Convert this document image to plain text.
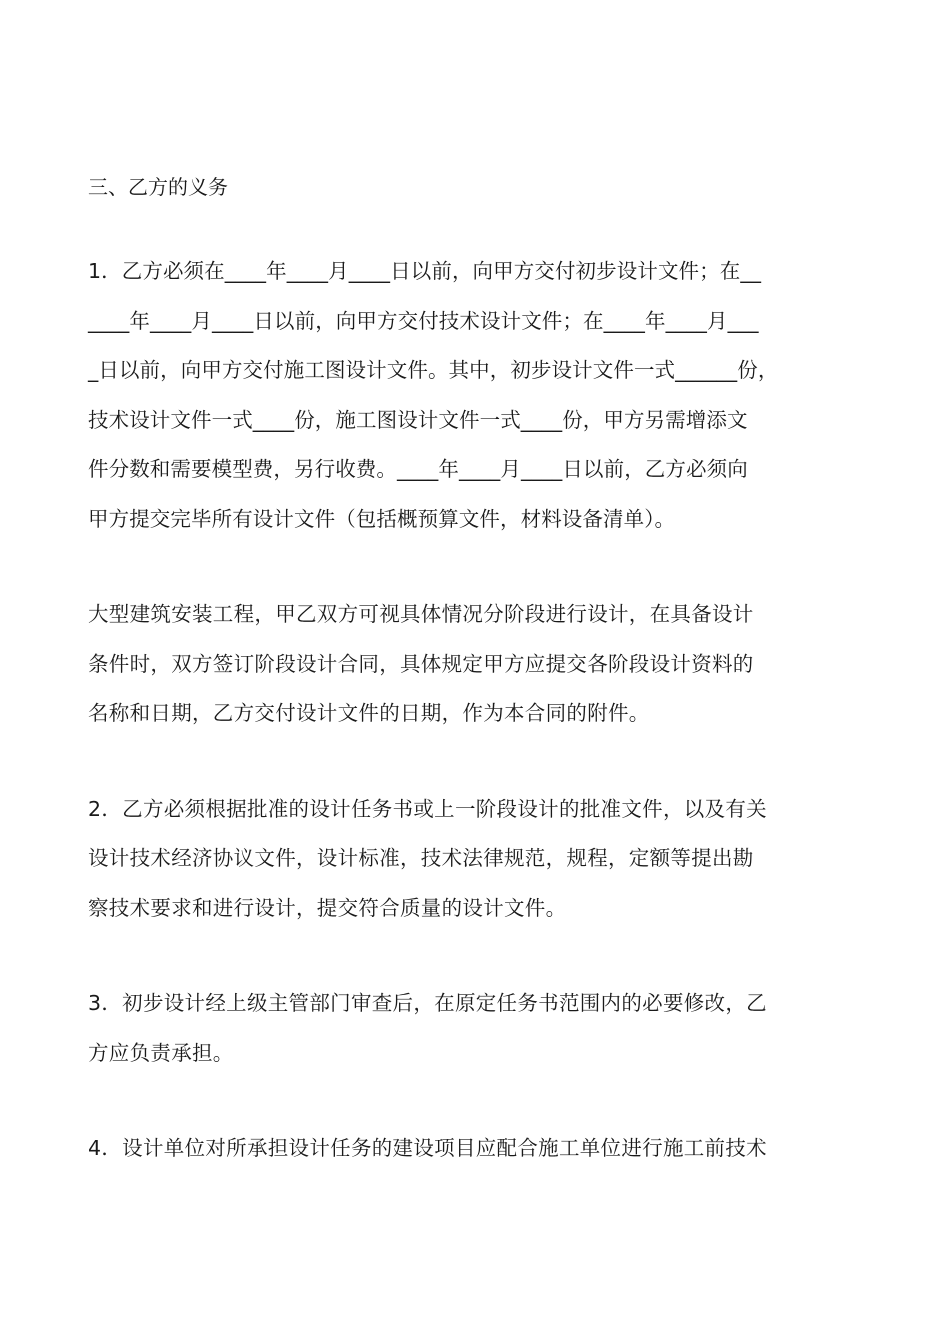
三、乙方的义务
1．乙方必须在____年____月____日以前，向甲方交付初步设计文件；在__
____年____月____日以前，向甲方交付技术设计文件；在____年____月___
_日以前，向甲方交付施工图设计文件。其中，初步设计文件一式______份，
技术设计文件一式____份，施工图设计文件一式____份，甲方另需增添文
件分数和需要模型费，另行收费。____年____月____日以前，乙方必须向
甲方提交完毕所有设计文件（包括概预算文件，材料设备清单）。
大型建筑安装工程，甲乙双方可视具体情况分阶段进行设计，在具备设计
条件时，双方签订阶段设计合同，具体规定甲方应提交各阶段设计资料的
名称和日期，乙方交付设计文件的日期，作为本合同的附件。
2．乙方必须根据批准的设计任务书或上一阶段设计的批准文件，以及有关
设计技术经济协议文件，设计标准，技术法律规范，规程，定额等提出勘
察技术要求和进行设计，提交符合质量的设计文件。
3．初步设计经上级主管部门审查后，在原定任务书范围内的必要修改，乙
方应负责承担。
4．设计单位对所承担设计任务的建设项目应配合施工单位进行施工前技术
